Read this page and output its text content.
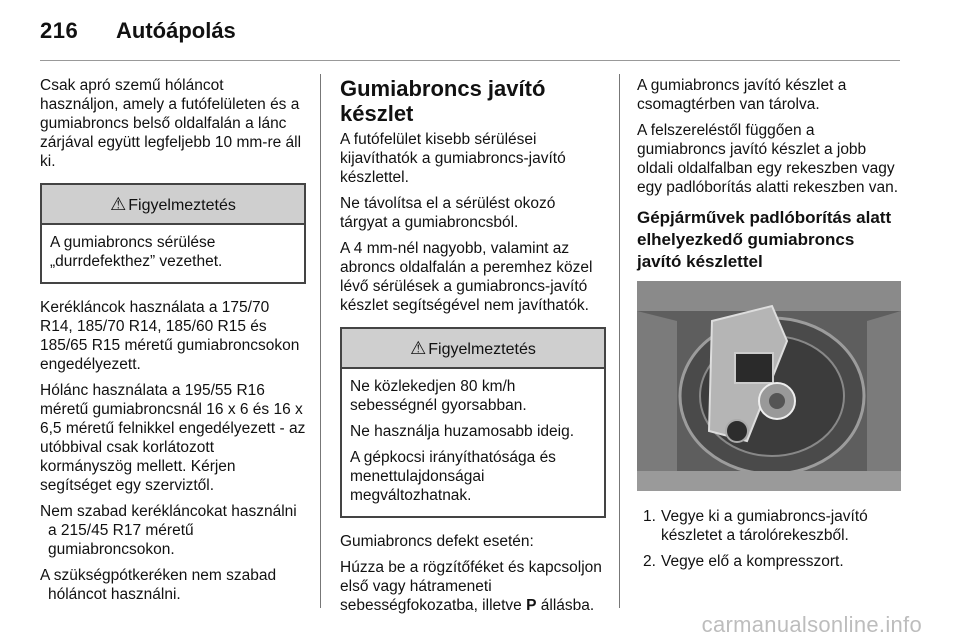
216 Autóápolás

Csak apró szemű hóláncot használjon, amely a futófelületen és a gumiabroncs belső oldalfalán a lánc zárjával együtt legfeljebb 10 mm-re áll ki.

⚠ Figyelmeztetés

A gumiabroncs sérülése „durrdefekthez” vezethet.

Kerékláncok használata a 175/70 R14, 185/70 R14, 185/60 R15 és 185/65 R15 méretű gumiabroncsokon engedélyezett.

Hólánc használata a 195/55 R16 méretű gumiabroncsnál 16 x 6 és 16 x 6,5 méretű felnikkel engedélyezett - az utóbbival csak korlátozott kormányszög mellett. Kérjen segítséget egy szerviztől.

Nem szabad kerékláncokat használni a 215/45 R17 méretű gumiabroncsokon.

A szükségpótkeréken nem szabad hóláncot használni.

Gumiabroncs javító készlet

A futófelület kisebb sérülései kijavíthatók a gumiabroncs-javító készlettel.

Ne távolítsa el a sérülést okozó tárgyat a gumiabroncsból.

A 4 mm-nél nagyobb, valamint az abroncs oldalfalán a peremhez közel lévő sérülések a gumiabroncs-javító készlet segítségével nem javíthatók.

⚠ Figyelmeztetés

Ne közlekedjen 80 km/h sebességnél gyorsabban.

Ne használja huzamosabb ideig.

A gépkocsi irányíthatósága és menettulajdonságai megváltozhatnak.

Gumiabroncs defekt esetén:

Húzza be a rögzítőféket és kapcsoljon első vagy hátrameneti sebességfokozatba, illetve P állásba.

A gumiabroncs javító készlet a csomagtérben van tárolva.

A felszereléstől függően a gumiabroncs javító készlet a jobb oldali oldalfalban egy rekeszben vagy egy padlóborítás alatti rekeszben van.

Gépjárművek padlóborítás alatt elhelyezkedő gumiabroncs javító készlettel
1. Vegye ki a gumiabroncs-javító készletet a tárolórekeszből.
2. Vegye elő a kompresszort.
carmanualsonline.info
